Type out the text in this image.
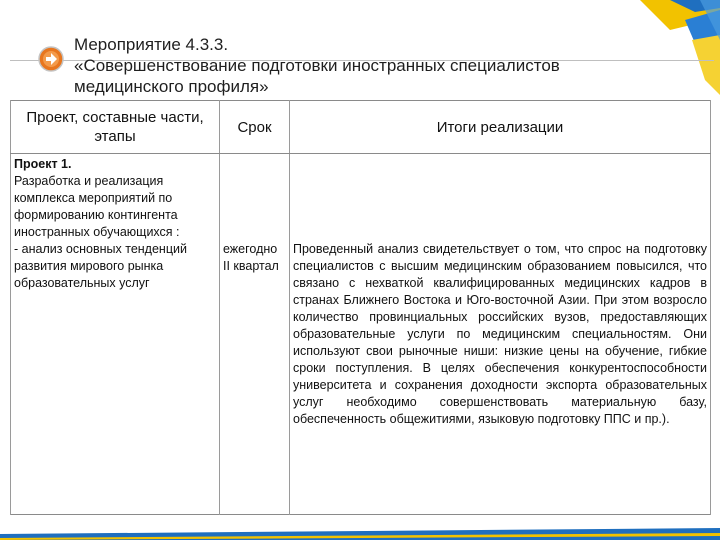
Мероприятие 4.3.3.
«Совершенствование подготовки иностранных специалистов
медицинского профиля»
Проект, составные части, этапы	Срок	Итоги реализации

Проект 1.
Разработка и реализация комплекса мероприятий по формированию контингента иностранных обучающихся :		

- анализ основных тенденций развития мирового рынка образовательных услуг	ежегодно
II квартал	Проведенный анализ свидетельствует о том, что спрос на подготовку специалистов с высшим медицинским образованием повысился, что связано с нехваткой квалифицированных медицинских кадров в странах Ближнего Востока и Юго-восточной Азии. При этом возросло количество провинциальных российских вузов, предоставляющих образовательные услуги по медицинским специальностям. Они используют свои рыночные ниши: низкие цены на обучение, гибкие сроки поступления. В целях обеспечения конкурентоспособности университета и сохранения доходности экспорта образовательных услуг необходимо совершенствовать материальную базу, обеспеченность общежитиями, языковую подготовку ППС и пр.).
